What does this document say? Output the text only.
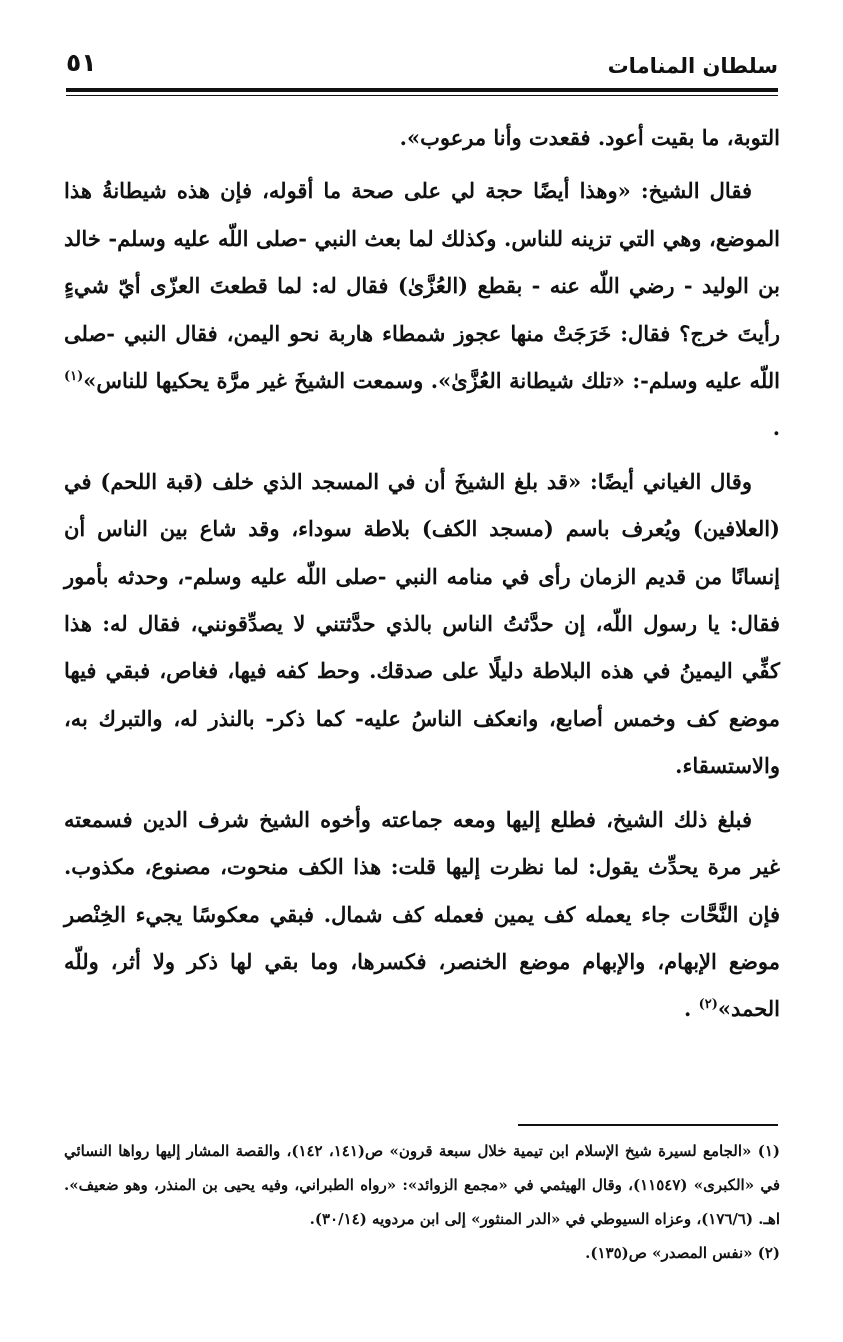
سلطان المنامات
٥١

التوبة، ما بقيت أعود. فقعدت وأنا مرعوب».

فقال الشيخ: «وهذا أيضًا حجة لي على صحة ما أقوله، فإن هذه شيطانةُ هذا الموضع، وهي التي تزينه للناس. وكذلك لما بعث النبي -صلى اللّه عليه وسلم- خالد بن الوليد - رضي اللّه عنه - بقطع (العُزَّىٰ) فقال له: لما قطعتَ العزّى أيّ شيءٍ رأيتَ خرج؟ فقال: خَرَجَتْ منها عجوز شمطاء هاربة نحو اليمن، فقال النبي -صلى اللّه عليه وسلم-: «تلك شيطانة العُزَّىٰ». وسمعت الشيخَ غير مرَّة يحكيها للناس»$^{(١)}$ .

وقال الغياني أيضًا: «قد بلغ الشيخَ أن في المسجد الذي خلف (قبة اللحم) في (العلافين) ويُعرف باسم (مسجد الكف) بلاطة سوداء، وقد شاع بين الناس أن إنسانًا من قديم الزمان رأى في منامه النبي -صلى اللّه عليه وسلم-، وحدثه بأمور فقال: يا رسول اللّه، إن حدَّثتُ الناس بالذي حدَّثتني لا يصدِّقونني، فقال له: هذا كفِّي اليمينُ في هذه البلاطة دليلًا على صدقك. وحط كفه فيها، فغاص، فبقي فيها موضع كف وخمس أصابع، وانعكف الناسُ عليه- كما ذكر- بالنذر له، والتبرك به، والاستسقاء.

فبلغ ذلك الشيخ، فطلع إليها ومعه جماعته وأخوه الشيخ شرف الدين فسمعته غير مرة يحدِّث يقول: لما نظرت إليها قلت: هذا الكف منحوت، مصنوع، مكذوب. فإن النَّحَّات جاء يعمله كف يمين فعمله كف شمال. فبقي معكوسًا يجيء الخِنْصر موضع الإبهام، والإبهام موضع الخنصر، فكسرها، وما بقي لها ذكر ولا أثر، وللّه الحمد»$^{(٢)}$ .

(١) «الجامع لسيرة شيخ الإسلام ابن تيمية خلال سبعة قرون» ص(١٤١، ١٤٢)، والقصة المشار إليها رواها النسائي في «الكبرى» (١١٥٤٧)، وقال الهيثمي في «مجمع الزوائد»: «رواه الطبراني، وفيه يحيى بن المنذر، وهو ضعيف». اهـ. (١٧٦/٦)، وعزاه السيوطي في «الدر المنثور» إلى ابن مردويه (٣٠/١٤).

(٢) «نفس المصدر» ص(١٣٥).
